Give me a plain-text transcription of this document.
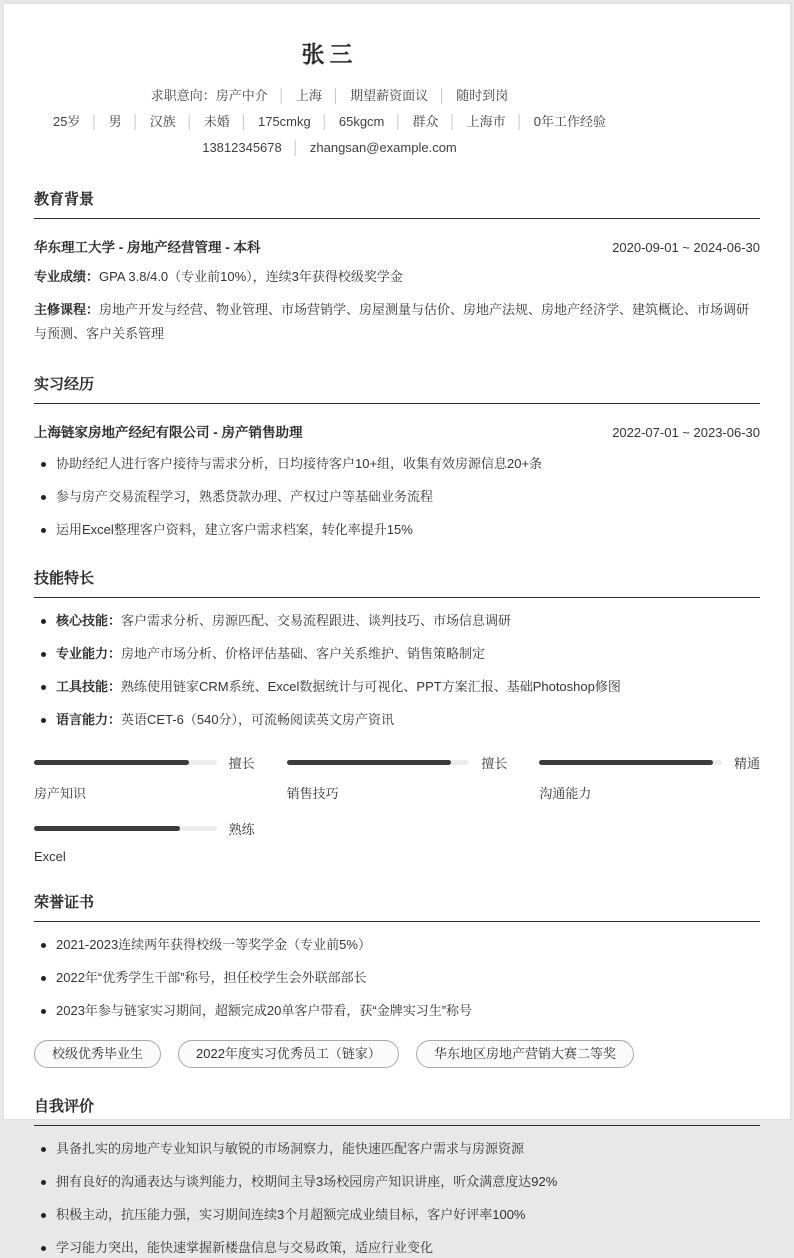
张三
求职意向：房产中介 │ 上海 │ 期望薪资面议 │ 随时到岗
25岁 │ 男 │ 汉族 │ 未婚 │ 175cmkg │ 65kgcm │ 群众 │ 上海市 │ 0年工作经验
13812345678 │ zhangsan@example.com
教育背景
华东理工大学 - 房地产经营管理 - 本科	2020-09-01 ~ 2024-06-30

专业成绩：GPA 3.8/4.0（专业前10%），连续3年获得校级奖学金

主修课程：房地产开发与经营、物业管理、市场营销学、房屋测量与估价、房地产法规、房地产经济学、建筑概论、市场调研与预测、客户关系管理

实习经历
上海链家房地产经纪有限公司 - 房产销售助理	2022-07-01 ~ 2023-06-30
协助经纪人进行客户接待与需求分析，日均接待客户10+组，收集有效房源信息20+条
参与房产交易流程学习，熟悉贷款办理、产权过户等基础业务流程
运用Excel整理客户资料，建立客户需求档案，转化率提升15%
技能特长
核心技能：客户需求分析、房源匹配、交易流程跟进、谈判技巧、市场信息调研
专业能力：房地产市场分析、价格评估基础、客户关系维护、销售策略制定
工具技能：熟练使用链家CRM系统、Excel数据统计与可视化、PPT方案汇报、基础Photoshop修图
语言能力：英语CET-6（540分），可流畅阅读英文房产资讯
擅长
房产知识
擅长
销售技巧
精通
沟通能力
熟练
Excel
荣誉证书
2021-2023连续两年获得校级一等奖学金（专业前5%）
2022年“优秀学生干部”称号，担任校学生会外联部部长
2023年参与链家实习期间，超额完成20单客户带看，获“金牌实习生”称号
校级优秀毕业生	2022年度实习优秀员工（链家）	华东地区房地产营销大赛二等奖
自我评价
具备扎实的房地产专业知识与敏锐的市场洞察力，能快速匹配客户需求与房源资源
拥有良好的沟通表达与谈判能力，校期间主导3场校园房产知识讲座，听众满意度达92%
积极主动，抗压能力强，实习期间连续3个月超额完成业绩目标，客户好评率100%
学习能力突出，能快速掌握新楼盘信息与交易政策，适应行业变化
